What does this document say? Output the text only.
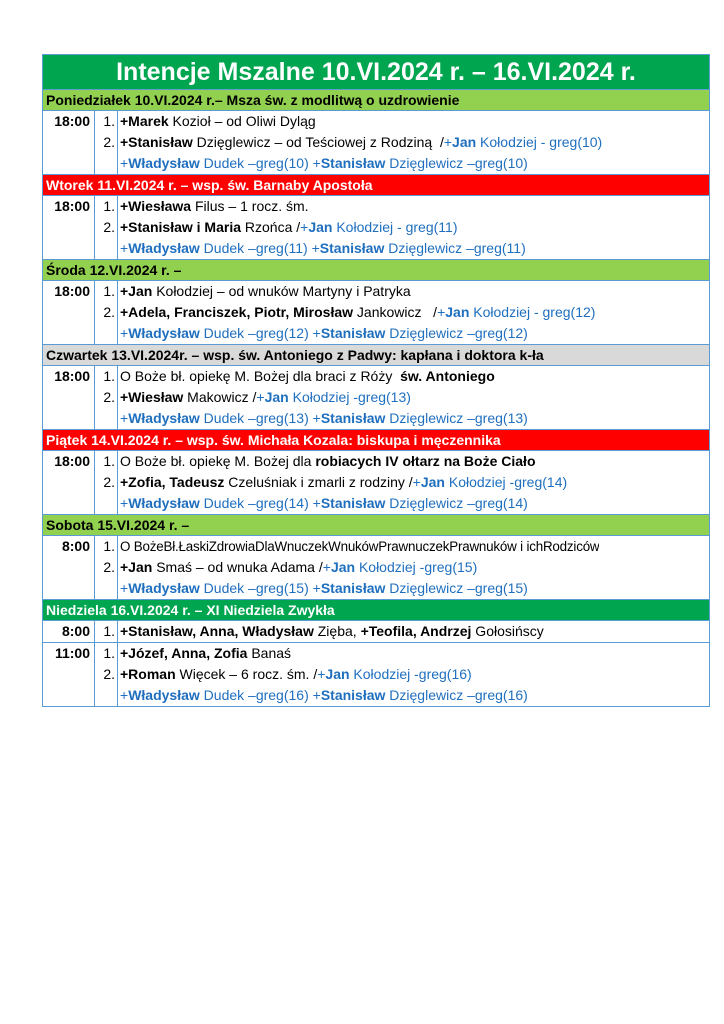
Intencje Mszalne 10.VI.2024 r. – 16.VI.2024 r.
Poniedziałek 10.VI.2024 r.– Msza św. z modlitwą o uzdrowienie
18:00 1. +Marek Kozioł – od Oliwi Dyląg
2. +Stanisław Dzięglewicz – od Teściowej z Rodziną  /+Jan Kołodziej - greg(10)
+Władysław Dudek –greg(10) +Stanisław Dzięglewicz –greg(10)
Wtorek 11.VI.2024 r. – wsp. św. Barnaby Apostoła
18:00 1. +Wiesława Filus – 1 rocz. śm.
2. +Stanisław i Maria Rzońca /+Jan Kołodziej - greg(11)
+Władysław Dudek –greg(11) +Stanisław Dzięglewicz –greg(11)
Środa 12.VI.2024 r. –
18:00 1. +Jan Kołodziej – od wnuków Martyny i Patryka
2. +Adela, Franciszek, Piotr, Mirosław Jankowicz   /+Jan Kołodziej - greg(12)
+Władysław Dudek –greg(12) +Stanisław Dzięglewicz –greg(12)
Czwartek 13.VI.2024r. – wsp. św. Antoniego z Padwy: kapłana i doktora k-ła
18:00 1. O Boże bł. opiekę M. Bożej dla braci z Róży  św. Antoniego
2. +Wiesław Makowicz /+Jan Kołodziej -greg(13)
+Władysław Dudek –greg(13) +Stanisław Dzięglewicz –greg(13)
Piątek 14.VI.2024 r. – wsp. św. Michała Kozala: biskupa i męczennika
18:00 1. O Boże bł. opiekę M. Bożej dla robiacych IV ołtarz na Boże Ciało
2. +Zofia, Tadeusz Czeluśniak i zmarli z rodziny /+Jan Kołodziej -greg(14)
+Władysław Dudek –greg(14) +Stanisław Dzięglewicz –greg(14)
Sobota 15.VI.2024 r. –
8:00 1. O BożeBł.ŁaskiZdrowiaDlaWnuczekWnukówPrawnuczekPrawnuków i ichRodziców
2. +Jan Smaś – od wnuka Adama /+Jan Kołodziej -greg(15)
+Władysław Dudek –greg(15) +Stanisław Dzięglewicz –greg(15)
Niedziela 16.VI.2024 r. – XI Niedziela Zwykła
8:00 1. +Stanisław, Anna, Władysław Zięba, +Teofila, Andrzej Gołosińscy
11:00 1. +Józef, Anna, Zofia Banaś
2. +Roman Więcek – 6 rocz. śm. /+Jan Kołodziej -greg(16)
+Władysław Dudek –greg(16) +Stanisław Dzięglewicz –greg(16)
